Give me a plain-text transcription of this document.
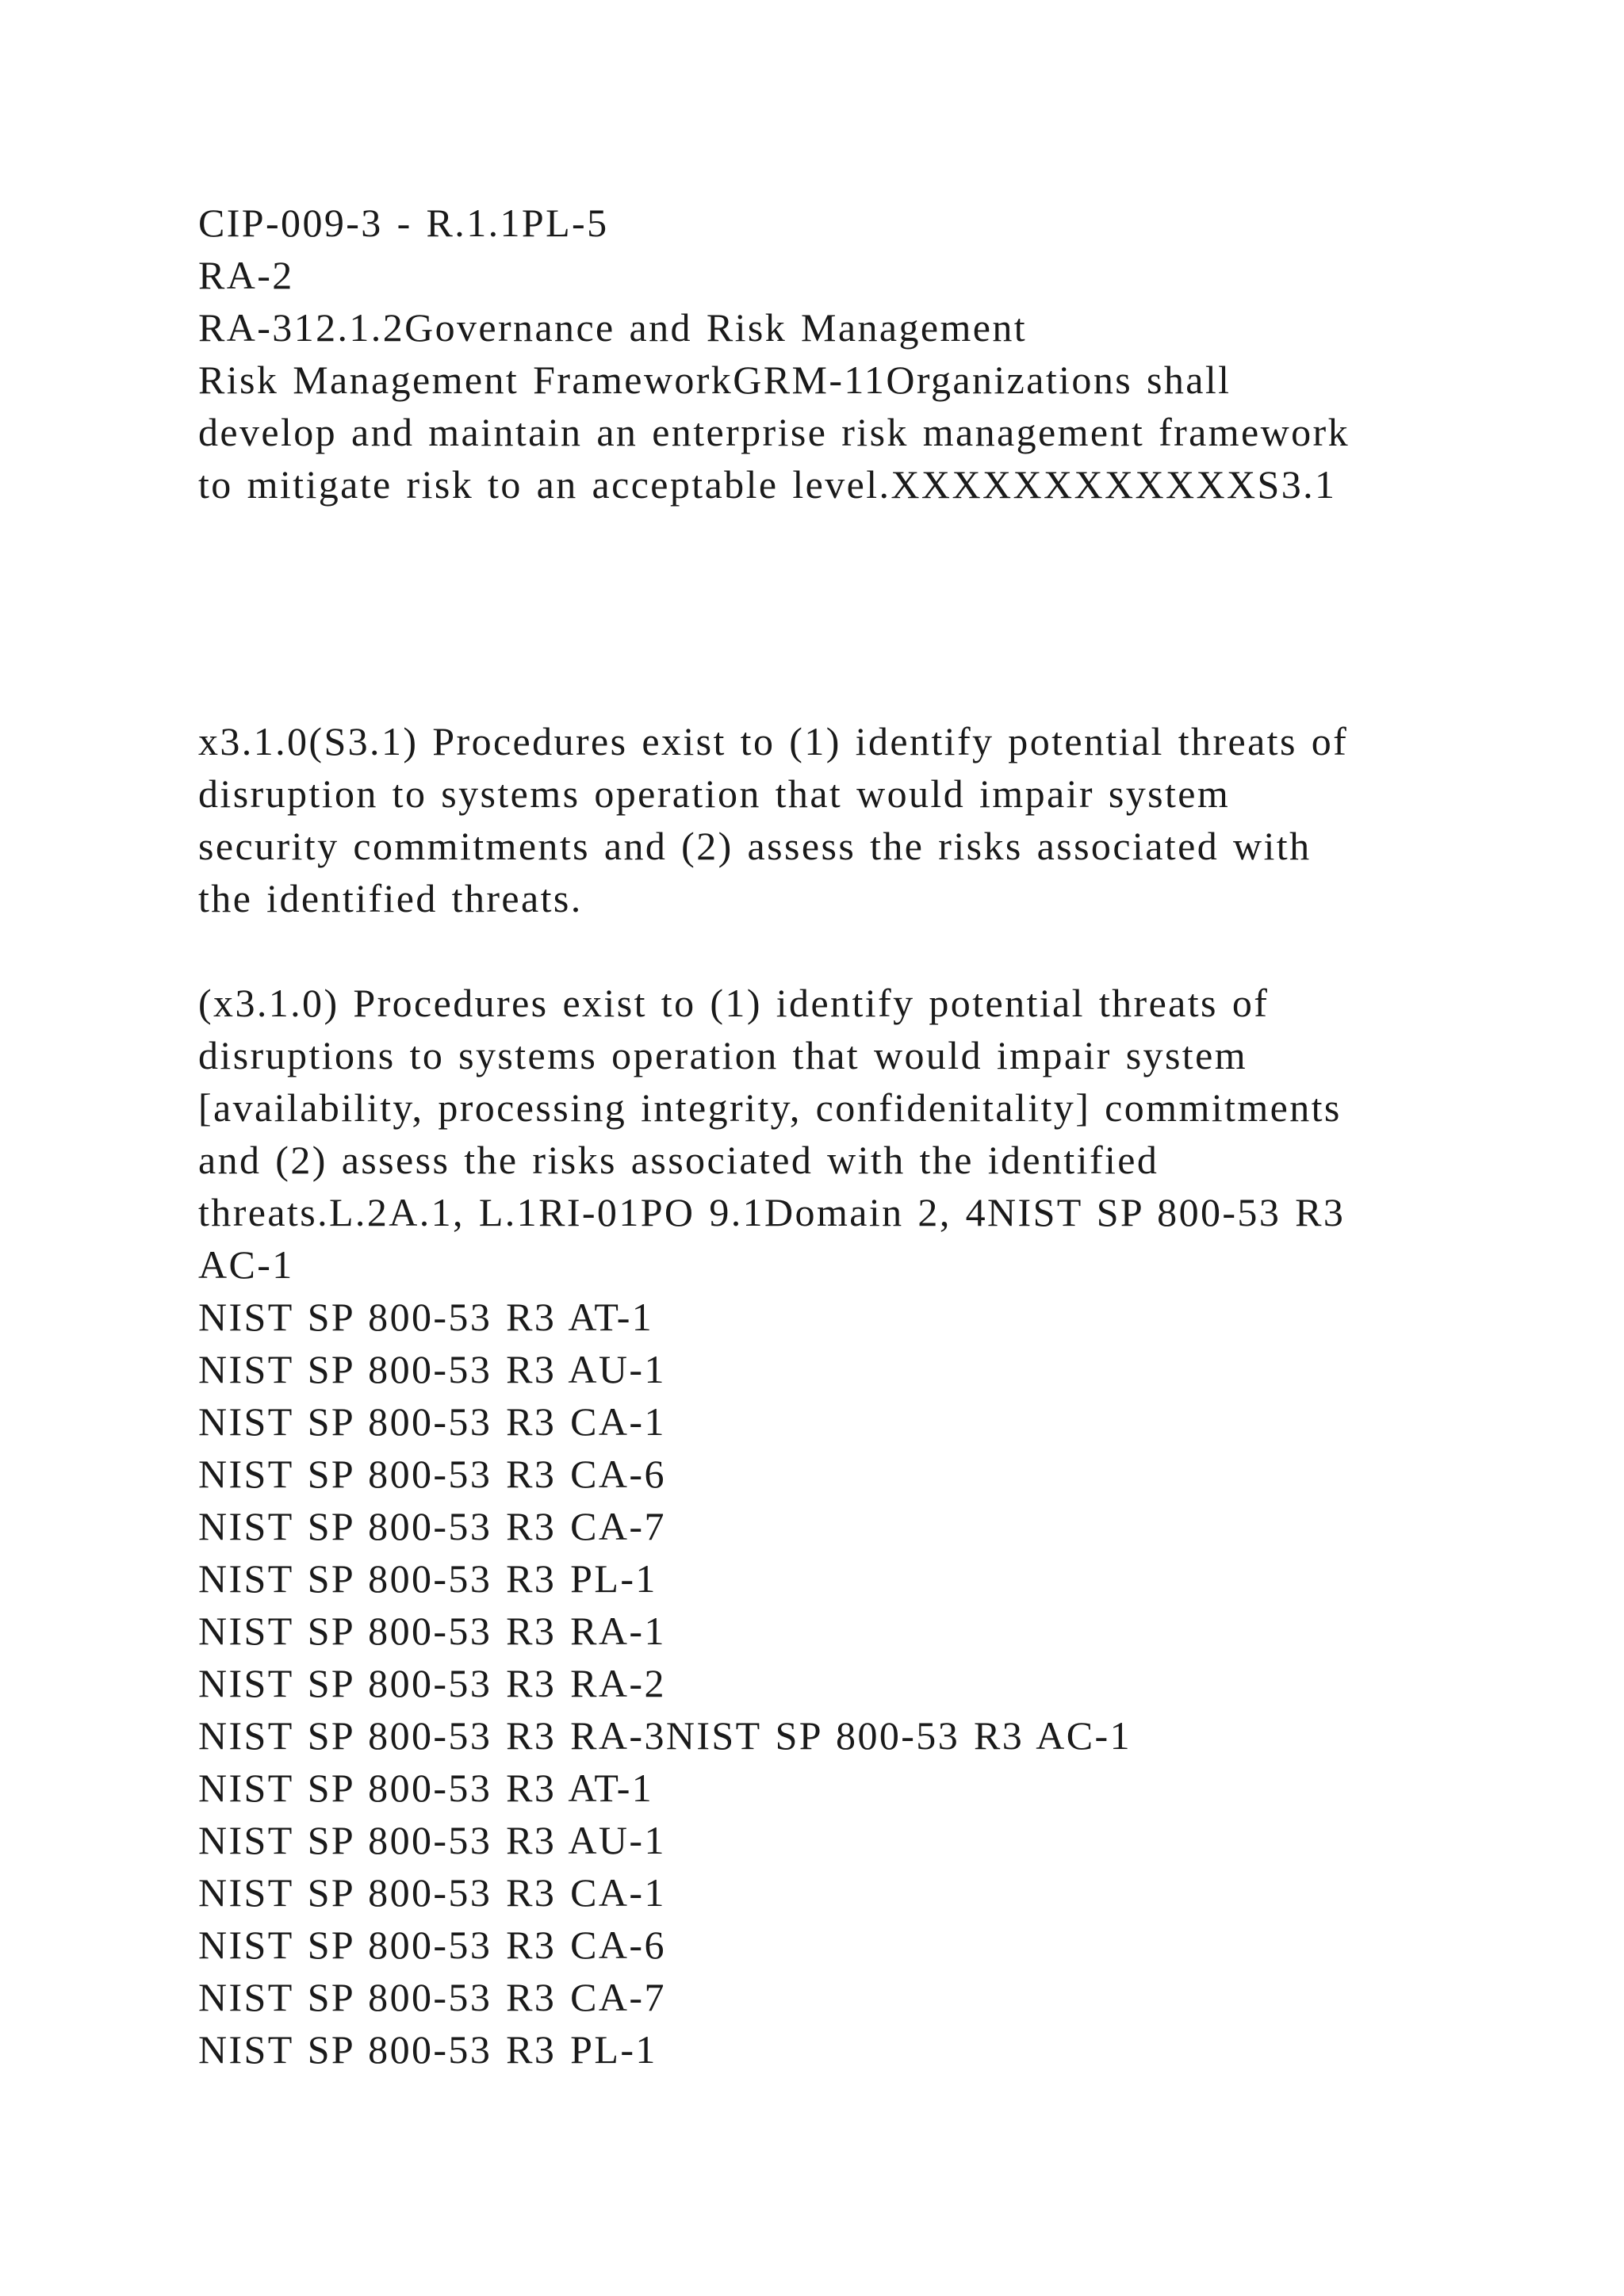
CIP-009-3 - R.1.1PL-5
RA-2
RA-312.1.2Governance and Risk Management
Risk Management FrameworkGRM-11Organizations shall
develop and maintain an enterprise risk management framework
to mitigate risk to an acceptable level.XXXXXXXXXXXXS3.1
x3.1.0(S3.1) Procedures exist to (1) identify potential threats of
disruption to systems operation that would impair system
security commitments and (2) assess the risks associated with
the identified threats.
(x3.1.0) Procedures exist to (1) identify potential threats of
disruptions to systems operation that would impair system
[availability, processing integrity, confidenitality] commitments
and (2) assess the risks associated with the identified
threats.L.2A.1, L.1RI-01PO 9.1Domain 2, 4NIST SP 800-53 R3
AC-1
NIST SP 800-53 R3 AT-1
NIST SP 800-53 R3 AU-1
NIST SP 800-53 R3 CA-1
NIST SP 800-53 R3 CA-6
NIST SP 800-53 R3 CA-7
NIST SP 800-53 R3 PL-1
NIST SP 800-53 R3 RA-1
NIST SP 800-53 R3 RA-2
NIST SP 800-53 R3 RA-3NIST SP 800-53 R3 AC-1
NIST SP 800-53 R3 AT-1
NIST SP 800-53 R3 AU-1
NIST SP 800-53 R3 CA-1
NIST SP 800-53 R3 CA-6
NIST SP 800-53 R3 CA-7
NIST SP 800-53 R3 PL-1
